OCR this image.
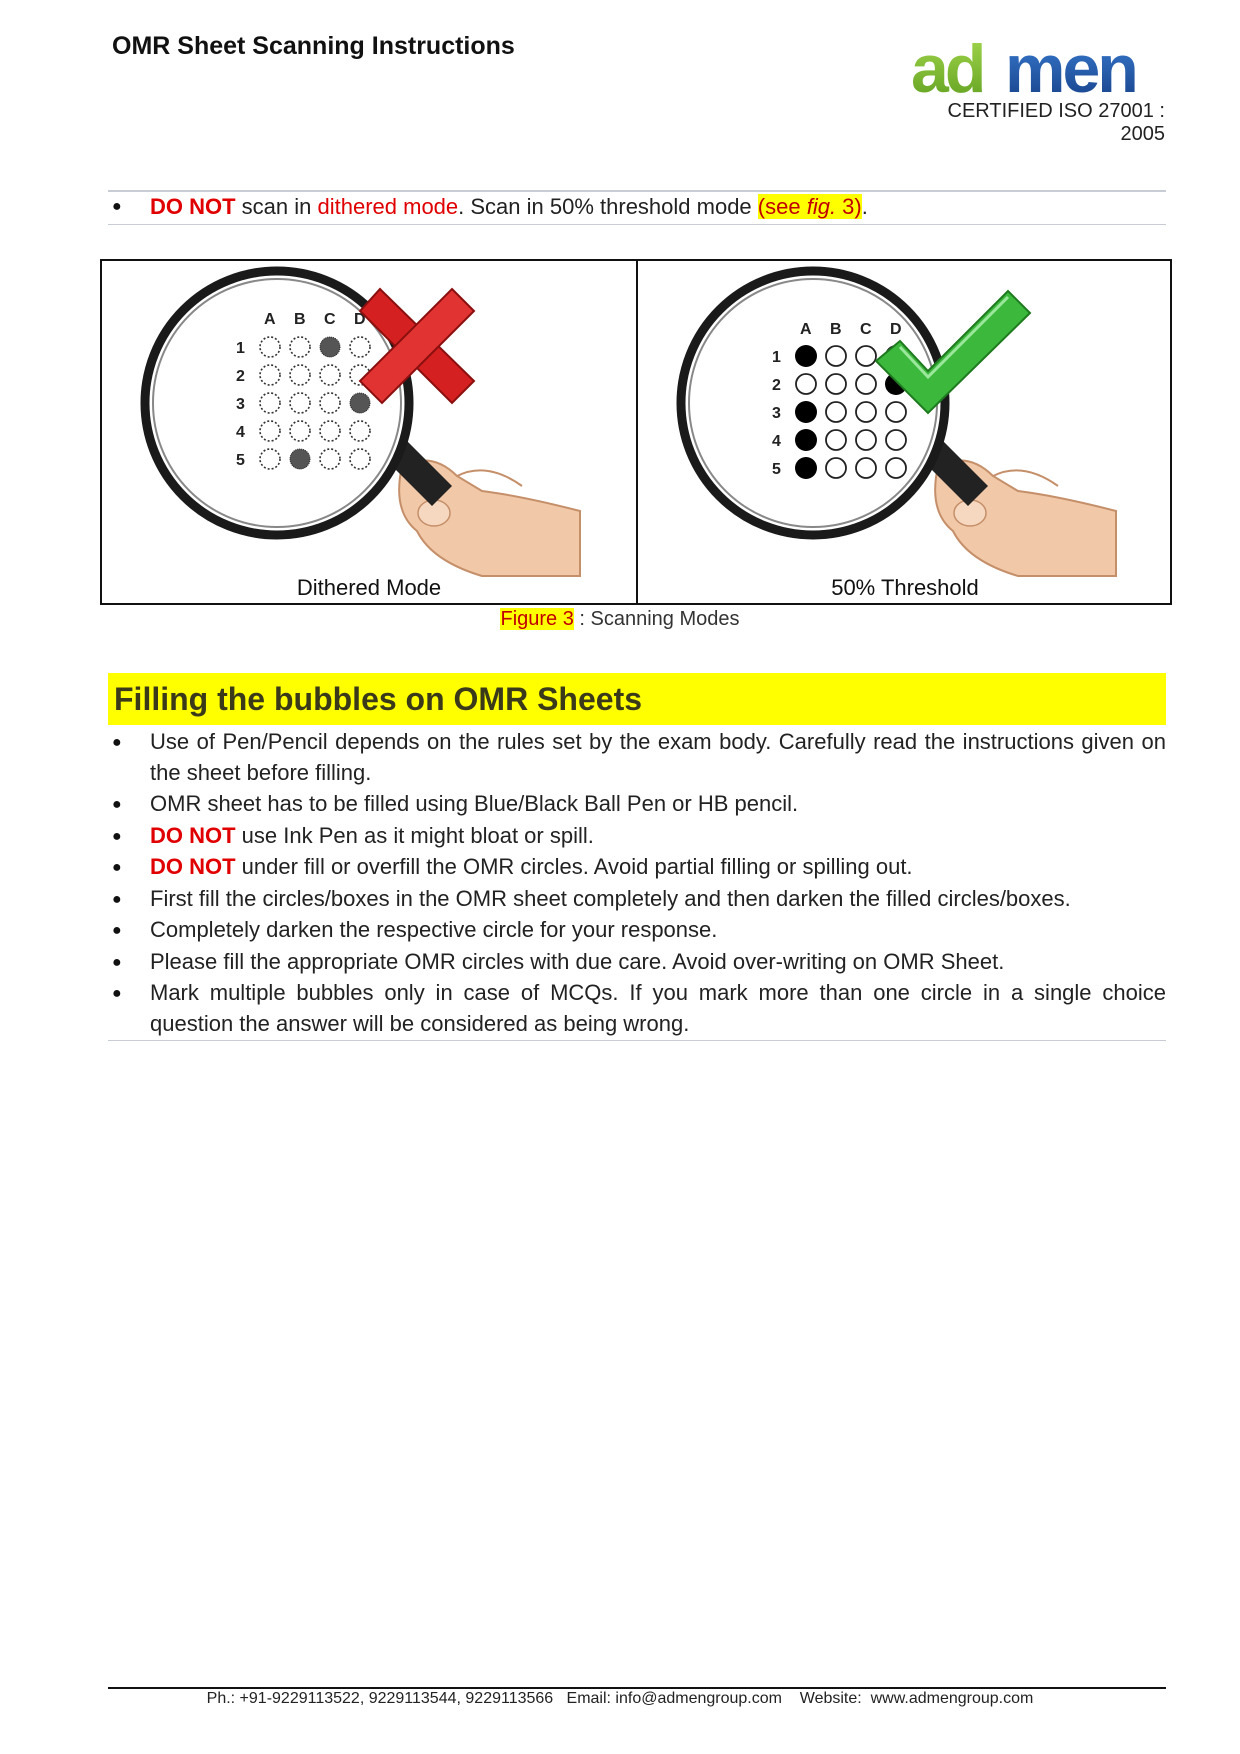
OMR Sheet Scanning Instructions	ad men
CERTIFIED ISO 27001 : 2005
● DO NOT scan in dithered mode. Scan in 50% threshold mode (see fig. 3).
A B C D
1
2
3
4
5
Dithered Mode
A B C D
1
2
3
4
5
50% Threshold
Figure 3 : Scanning Modes
Filling the bubbles on OMR Sheets
● Use of Pen/Pencil depends on the rules set by the exam body. Carefully read the instructions given on the sheet before filling.
● OMR sheet has to be filled using Blue/Black Ball Pen or HB pencil.
● DO NOT use Ink Pen as it might bloat or spill.
● DO NOT under fill or overfill the OMR circles. Avoid partial filling or spilling out.
● First fill the circles/boxes in the OMR sheet completely and then darken the filled circles/boxes.
● Completely darken the respective circle for your response.
● Please fill the appropriate OMR circles with due care. Avoid over-writing on OMR Sheet.
● Mark multiple bubbles only in case of MCQs. If you mark more than one circle in a single choice question the answer will be considered as being wrong.
Ph.: +91-9229113522, 9229113544, 9229113566   Email: info@admengroup.com    Website:  www.admengroup.com
